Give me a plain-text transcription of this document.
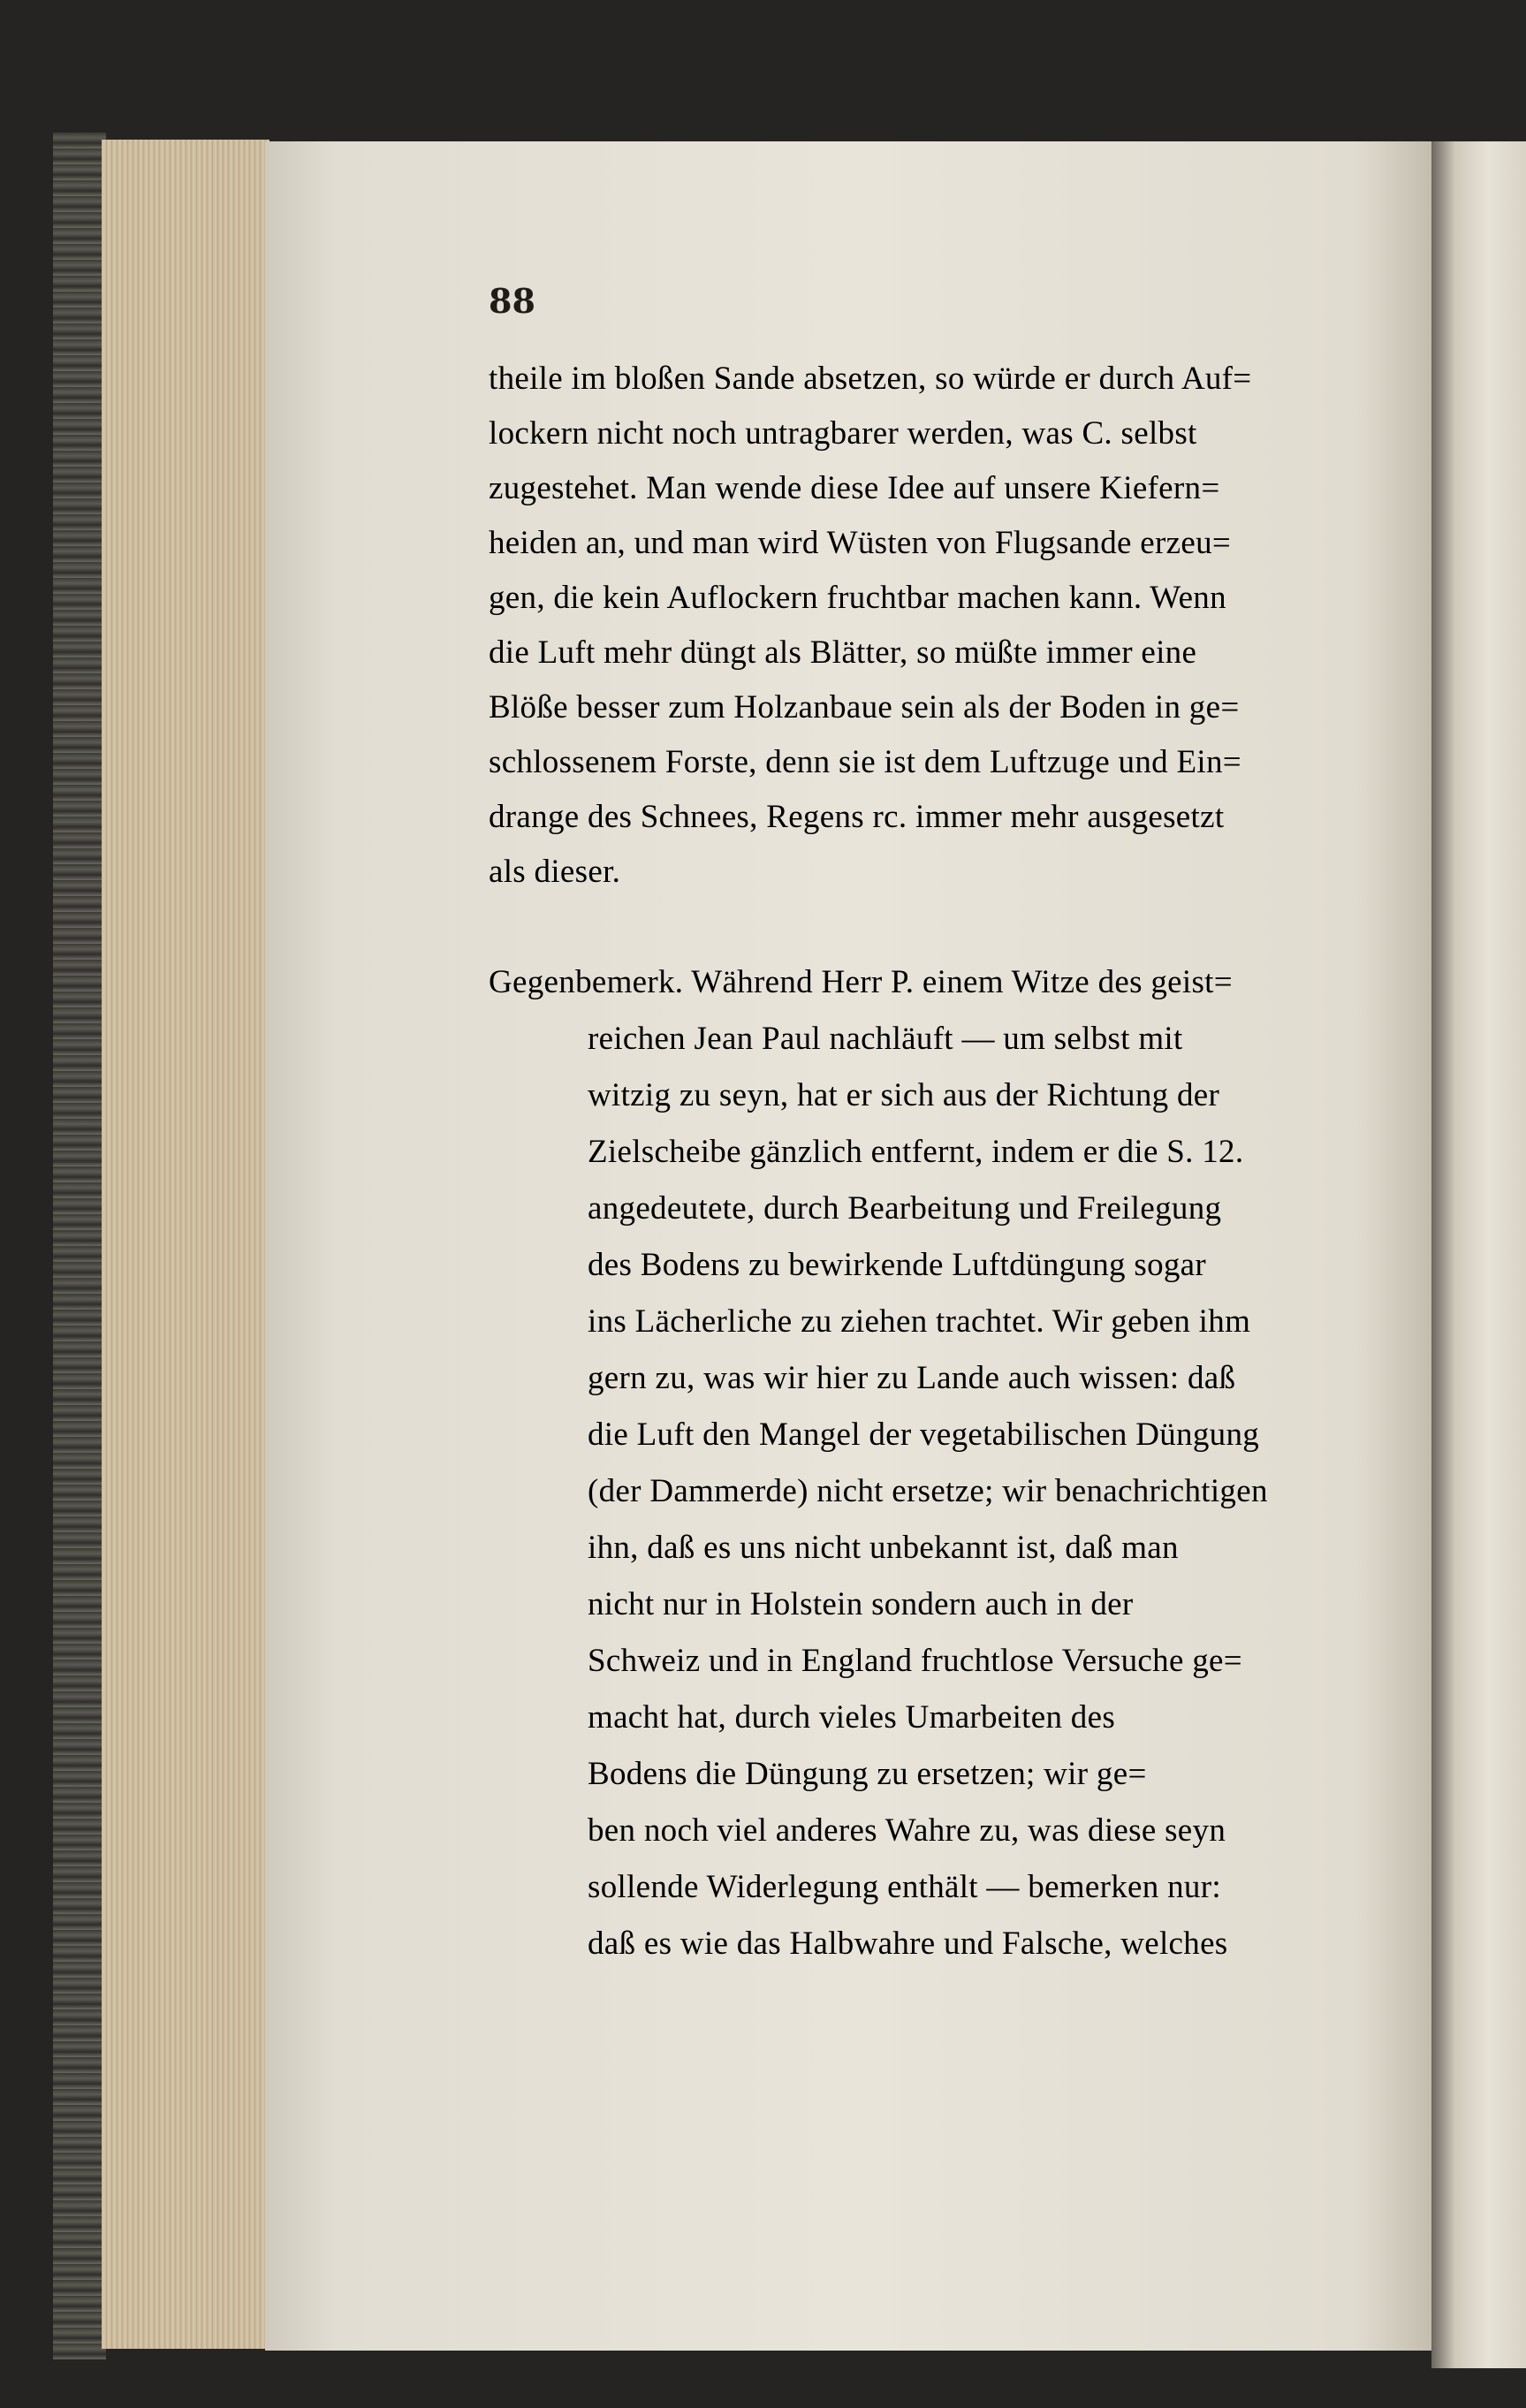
88
theile im bloßen Sande absetzen, so würde er durch Auf=
lockern nicht noch untragbarer werden, was C. selbst
zugestehet. Man wende diese Idee auf unsere Kiefern=
heiden an, und man wird Wüsten von Flugsande erzeu=
gen, die kein Auflockern fruchtbar machen kann. Wenn
die Luft mehr düngt als Blätter, so müßte immer eine
Blöße besser zum Holzanbaue sein als der Boden in ge=
schlossenem Forste, denn sie ist dem Luftzuge und Ein=
drange des Schnees, Regens rc. immer mehr ausgesetzt
als dieser.
Gegenbemerk. Während Herr P. einem Witze des geist=
reichen Jean Paul nachläuft — um selbst mit
witzig zu seyn, hat er sich aus der Richtung der
Zielscheibe gänzlich entfernt, indem er die S. 12.
angedeutete, durch Bearbeitung und Freilegung
des Bodens zu bewirkende Luftdüngung sogar
ins Lächerliche zu ziehen trachtet. Wir geben ihm
gern zu, was wir hier zu Lande auch wissen: daß
die Luft den Mangel der vegetabilischen Düngung
(der Dammerde) nicht ersetze; wir benachrichtigen
ihn, daß es uns nicht unbekannt ist, daß man
nicht nur in Holstein sondern auch in der
Schweiz und in England fruchtlose Versuche ge=
macht hat, durch vieles Umarbeiten des
Bodens die Düngung zu ersetzen; wir ge=
ben noch viel anderes Wahre zu, was diese seyn
sollende Widerlegung enthält — bemerken nur:
daß es wie das Halbwahre und Falsche, welches
